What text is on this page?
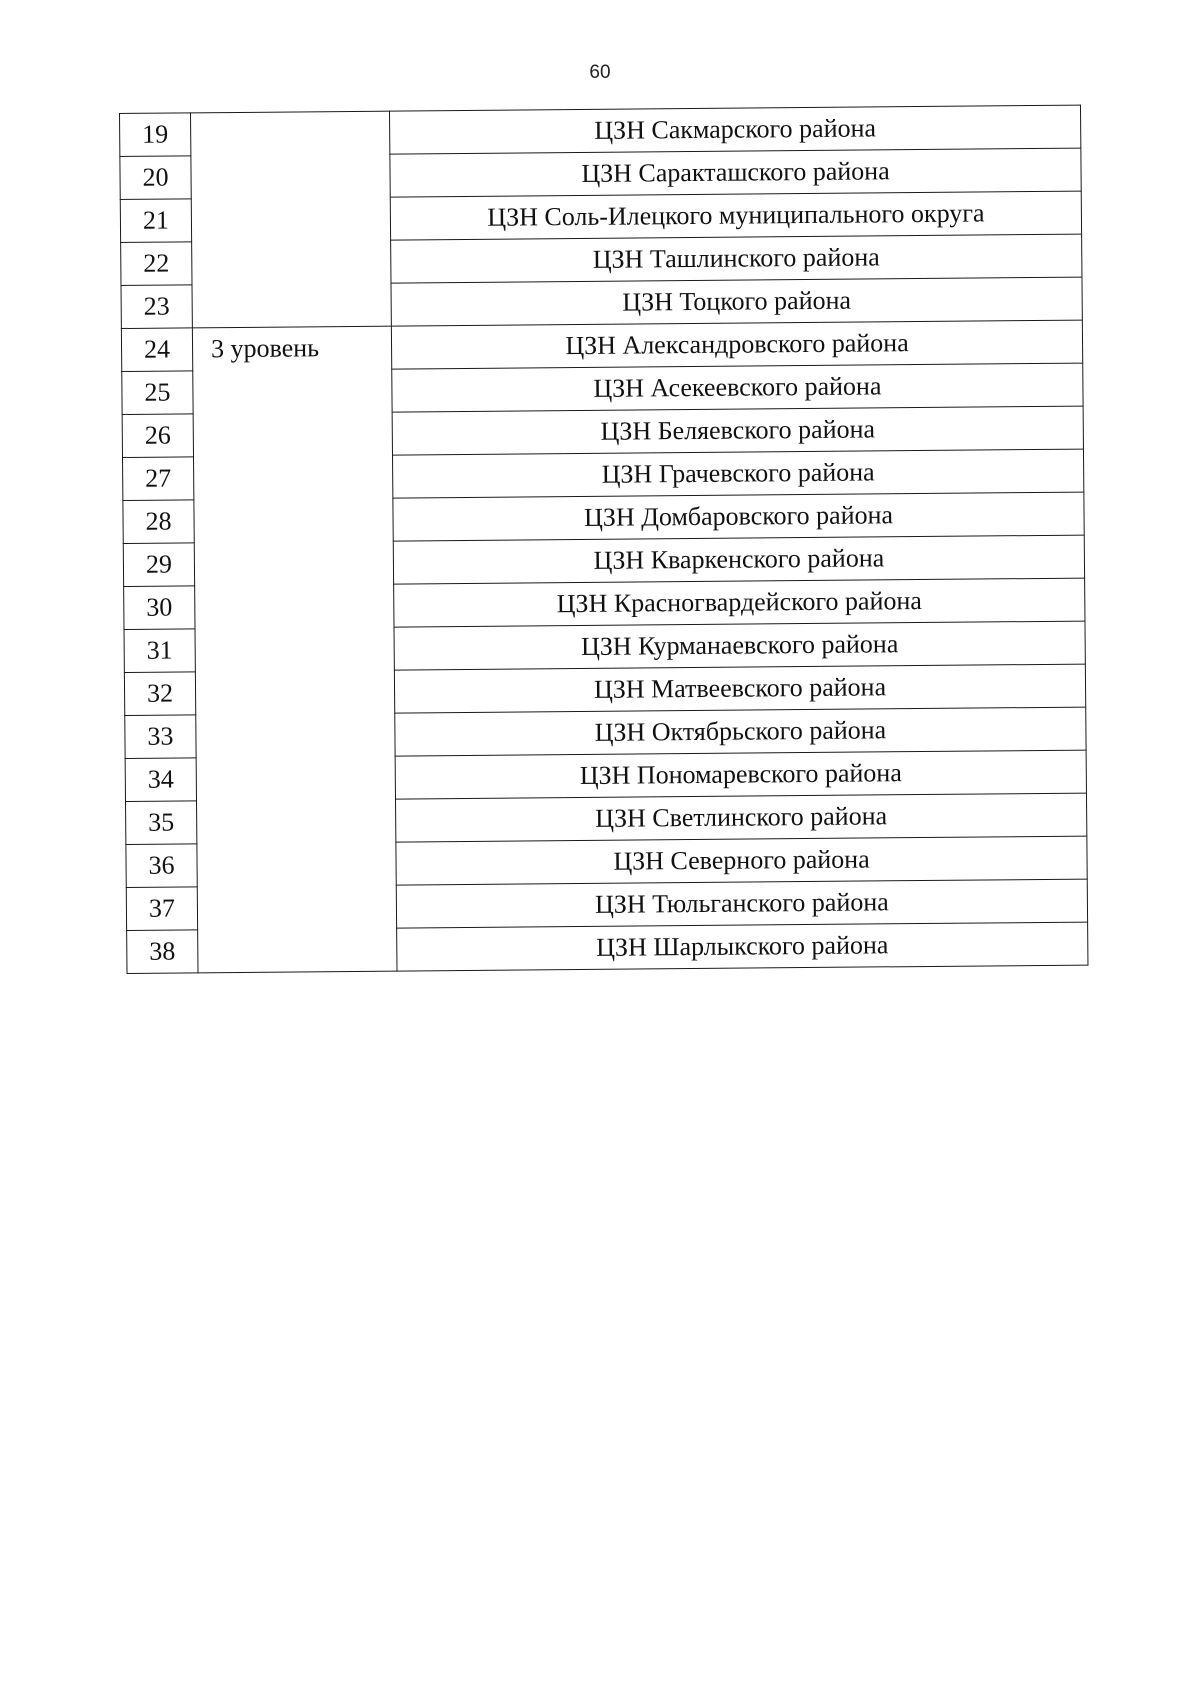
60
19		ЦЗН Сакмарского района
20		ЦЗН Саракташского района
21		ЦЗН Соль-Илецкого муниципального округа
22		ЦЗН Ташлинского района
23		ЦЗН Тоцкого района
24	3 уровень	ЦЗН Александровского района
25		ЦЗН Асекеевского района
26		ЦЗН Беляевского района
27		ЦЗН Грачевского района
28		ЦЗН Домбаровского района
29		ЦЗН Кваркенского района
30		ЦЗН Красногвардейского района
31		ЦЗН Курманаевского района
32		ЦЗН Матвеевского района
33		ЦЗН Октябрьского района
34		ЦЗН Пономаревского района
35		ЦЗН Светлинского района
36		ЦЗН Северного района
37		ЦЗН Тюльганского района
38		ЦЗН Шарлыкского района
